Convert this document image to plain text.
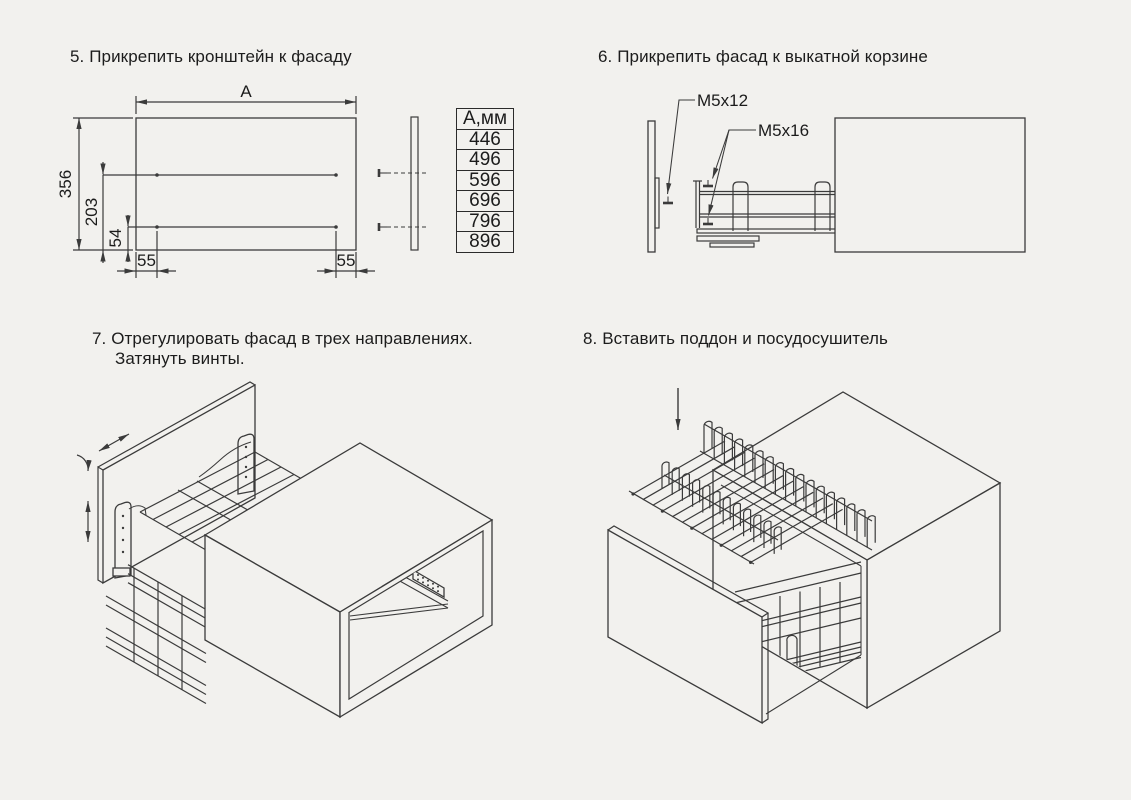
5. Прикрепить кронштейн к фасаду	6. Прикрепить фасад к выкатной корзине
7. Отрегулировать фасад в трех направлениях.
Затянуть винты.
8. Вставить поддон и посудосушитель
А,мм
446
496
596
696
796
896
A
55	55
356
203
54
M5x12
M5x16
